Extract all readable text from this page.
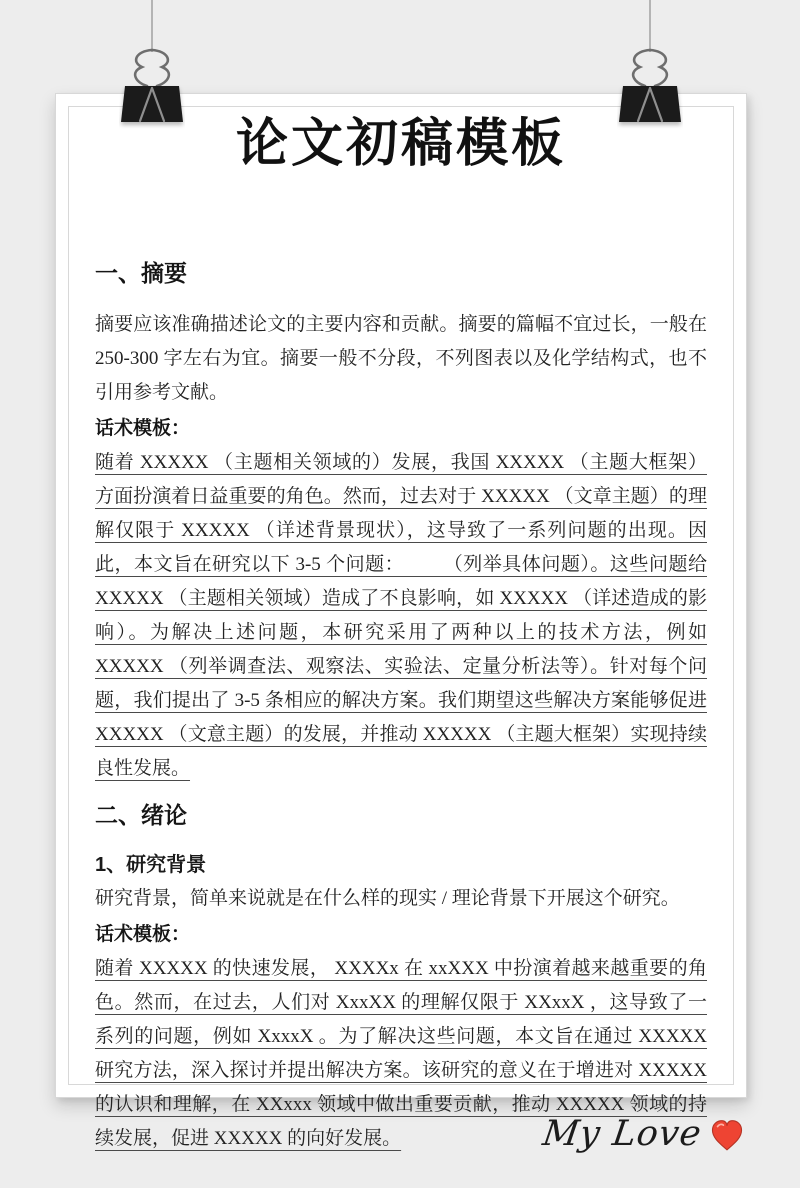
论文初稿模板
一、摘要

摘要应该准确描述论文的主要内容和贡献。摘要的篇幅不宜过长，一般在 250-300 字左右为宜。摘要一般不分段，不列图表以及化学结构式，也不引用参考文献。

话术模板：

随着 XXXXX （主题相关领域的）发展，我国 XXXXX （主题大框架）方面扮演着日益重要的角色。然而，过去对于 XXXXX （文章主题）的理解仅限于 XXXXX （详述背景现状），这导致了一系列问题的出现。因此，本文旨在研究以下 3-5 个问题：　　　（列举具体问题）。这些问题给 XXXXX （主题相关领域）造成了不良影响，如 XXXXX （详述造成的影响）。为解决上述问题，本研究采用了两种以上的技术方法，例如 XXXXX （列举调查法、观察法、实验法、定量分析法等）。针对每个问题，我们提出了 3-5 条相应的解决方案。我们期望这些解决方案能够促进 XXXXX （文意主题）的发展，并推动 XXXXX （主题大框架）实现持续良性发展。

二、绪论
1、研究背景

研究背景，简单来说就是在什么样的现实 / 理论背景下开展这个研究。

话术模板：

随着 XXXXX 的快速发展， XXXXx 在 xxXXX 中扮演着越来越重要的角色。然而，在过去，人们对 XxxXX 的理解仅限于 XXxxX ，这导致了一系列的问题，例如 XxxxX 。为了解决这些问题，本文旨在通过 XXXXX 研究方法，深入探讨并提出解决方案。该研究的意义在于增进对 XXXXX 的认识和理解，在 XXxxx 领域中做出重要贡献，推动 XXXXX 领域的持续发展，促进 XXXXX 的向好发展。	My Love
